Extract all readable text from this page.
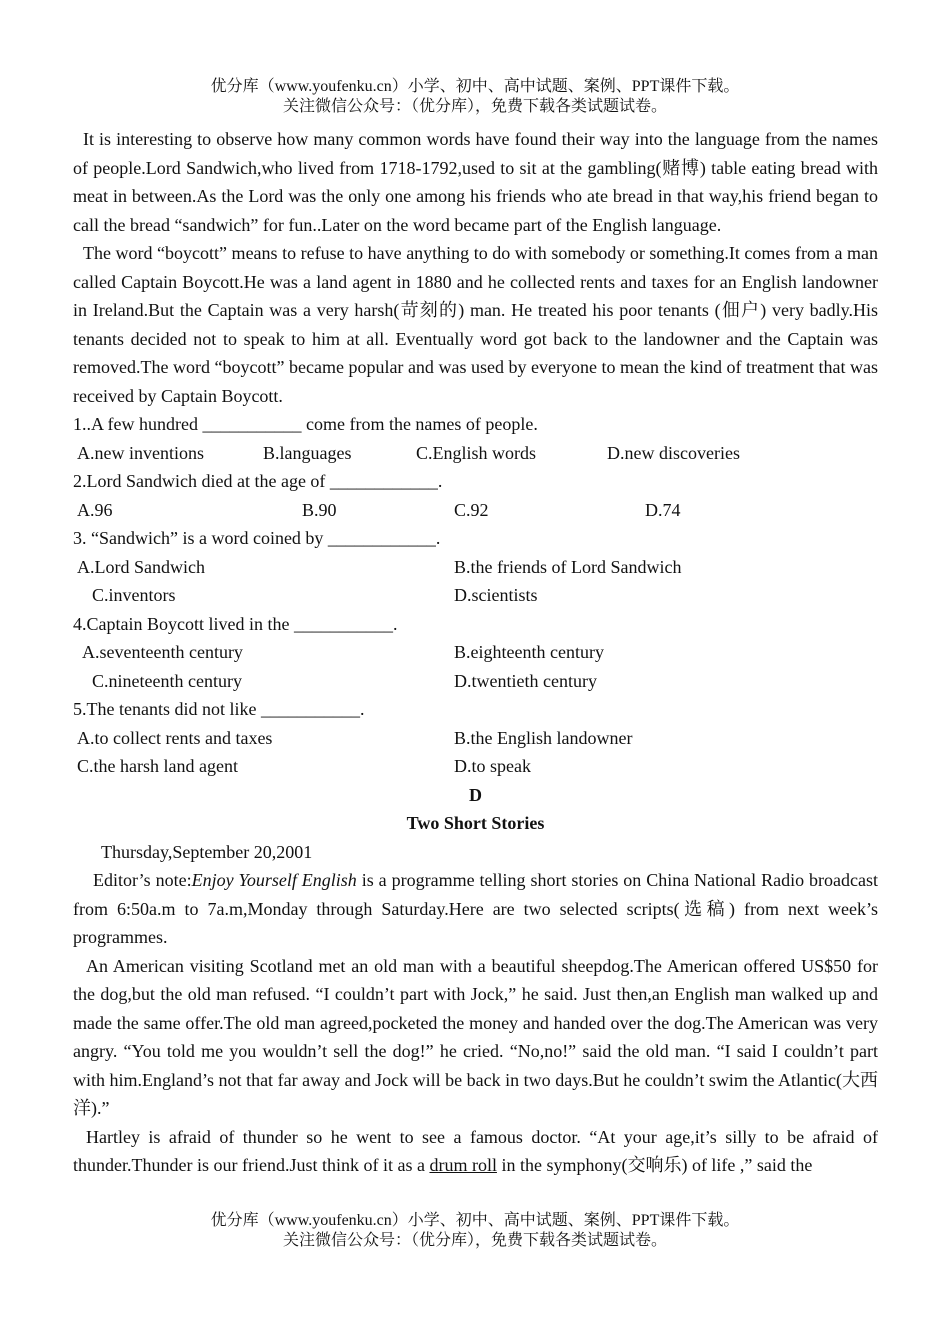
优分库（www.youfenku.cn）小学、初中、高中试题、案例、PPT课件下载。
关注微信公众号：（优分库），免费下载各类试题试卷。

It is interesting to observe how many common words have found their way into the language from the names of people.Lord Sandwich,who lived from 1718-1792,used to sit at the gambling(赌博) table eating bread with meat in between.As the Lord was the only one among his friends who ate bread in that way,his friend began to call the bread “sandwich” for fun..Later on the word became part of the English language.

The word “boycott” means to refuse to have anything to do with somebody or something.It comes from a man called Captain Boycott.He was a land agent in 1880 and he collected rents and taxes for an English landowner in Ireland.But the Captain was a very harsh(苛刻的) man. He treated his poor tenants (佃户) very badly.His tenants decided not to speak to him at all. Eventually word got back to the landowner and the Captain was removed.The word “boycott” became popular and was used by everyone to mean the kind of treatment that was received by Captain Boycott.

1..A few hundred ___________ come from the names of people.

A.new inventions	B.languages	C.English words	D.new discoveries

2.Lord Sandwich died at the age of ____________.

A.96	B.90	C.92	D.74

3. “Sandwich” is a word coined by ____________.

A.Lord Sandwich	B.the friends of Lord Sandwich
C.inventors	D.scientists

4.Captain Boycott lived in the ___________.

A.seventeenth century	B.eighteenth century
C.nineteenth century	D.twentieth century

5.The tenants did not like ___________.

A.to collect rents and taxes	B.the English landowner
C.the harsh land agent	D.to speak

D

Two Short Stories

Thursday,September 20,2001

Editor’s note:Enjoy Yourself English is a programme telling short stories on China National Radio broadcast from 6:50a.m to 7a.m,Monday through Saturday.Here are two selected scripts(选稿) from next week’s programmes.

An American visiting Scotland met an old man with a beautiful sheepdog.The American offered US$50 for the dog,but the old man refused. “I couldn’t part with Jock,” he said. Just then,an English man walked up and made the same offer.The old man agreed,pocketed the money and handed over the dog.The American was very angry. “You told me you wouldn’t sell the dog!” he cried. “No,no!” said the old man. “I said I couldn’t part with him.England’s not that far away and Jock will be back in two days.But he couldn’t swim the Atlantic(大西洋).”

Hartley is afraid of thunder so he went to see a famous doctor. “At your age,it’s silly to be afraid of thunder.Thunder is our friend.Just think of it as a drum roll in the symphony(交响乐) of life ,” said the

优分库（www.youfenku.cn）小学、初中、高中试题、案例、PPT课件下载。
关注微信公众号：（优分库），免费下载各类试题试卷。
